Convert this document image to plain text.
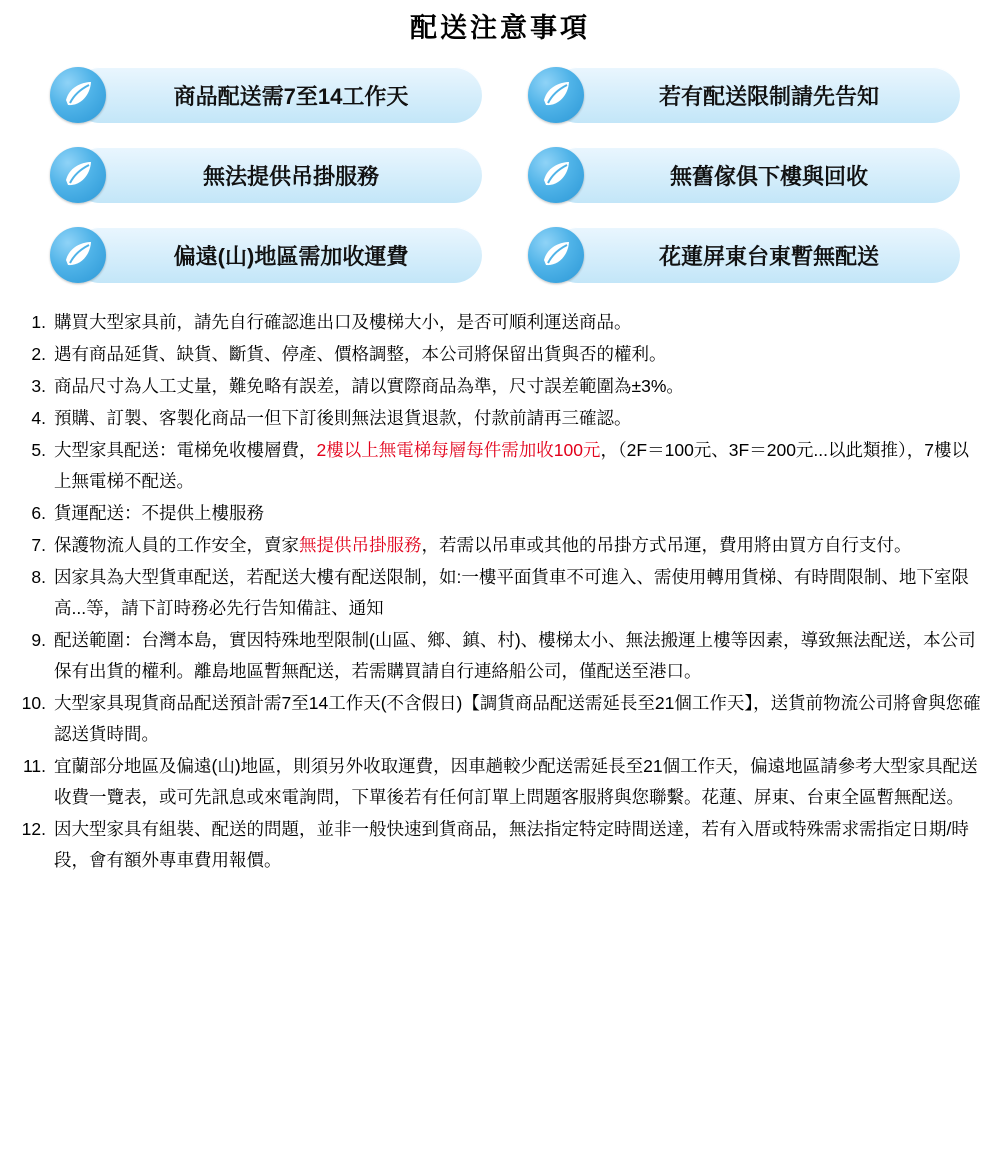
配送注意事項
商品配送需7至14工作天	若有配送限制請先告知
無法提供吊掛服務	無舊傢俱下樓與回收
偏遠(山)地區需加收運費	花蓮屏東台東暫無配送
購買大型家具前，請先自行確認進出口及樓梯大小，是否可順利運送商品。
遇有商品延貨、缺貨、斷貨、停產、價格調整，本公司將保留出貨與否的權利。
商品尺寸為人工丈量，難免略有誤差，請以實際商品為準，尺寸誤差範圍為±3%。
預購、訂製、客製化商品一但下訂後則無法退貨退款，付款前請再三確認。
大型家具配送：電梯免收樓層費，2樓以上無電梯每層每件需加收100元，（2F＝100元、3F＝200元...以此類推），7樓以上無電梯不配送。
貨運配送：不提供上樓服務
保護物流人員的工作安全，賣家無提供吊掛服務，若需以吊車或其他的吊掛方式吊運，費用將由買方自行支付。
因家具為大型貨車配送，若配送大樓有配送限制，如:一樓平面貨車不可進入、需使用轉用貨梯、有時間限制、地下室限高...等，請下訂時務必先行告知備註、通知
配送範圍：台灣本島，實因特殊地型限制(山區、鄉、鎮、村)、樓梯太小、無法搬運上樓等因素，導致無法配送，本公司保有出貨的權利。離島地區暫無配送，若需購買請自行連絡船公司，僅配送至港口。
大型家具現貨商品配送預計需7至14工作天(不含假日)【調貨商品配送需延長至21個工作天】，送貨前物流公司將會與您確認送貨時間。
宜蘭部分地區及偏遠(山)地區，則須另外收取運費，因車趟較少配送需延長至21個工作天，偏遠地區請參考大型家具配送收費一覽表，或可先訊息或來電詢問，下單後若有任何訂單上問題客服將與您聯繫。花蓮、屏東、台東全區暫無配送。
因大型家具有組裝、配送的問題，並非一般快速到貨商品，無法指定特定時間送達，若有入厝或特殊需求需指定日期/時段，會有額外專車費用報價。
